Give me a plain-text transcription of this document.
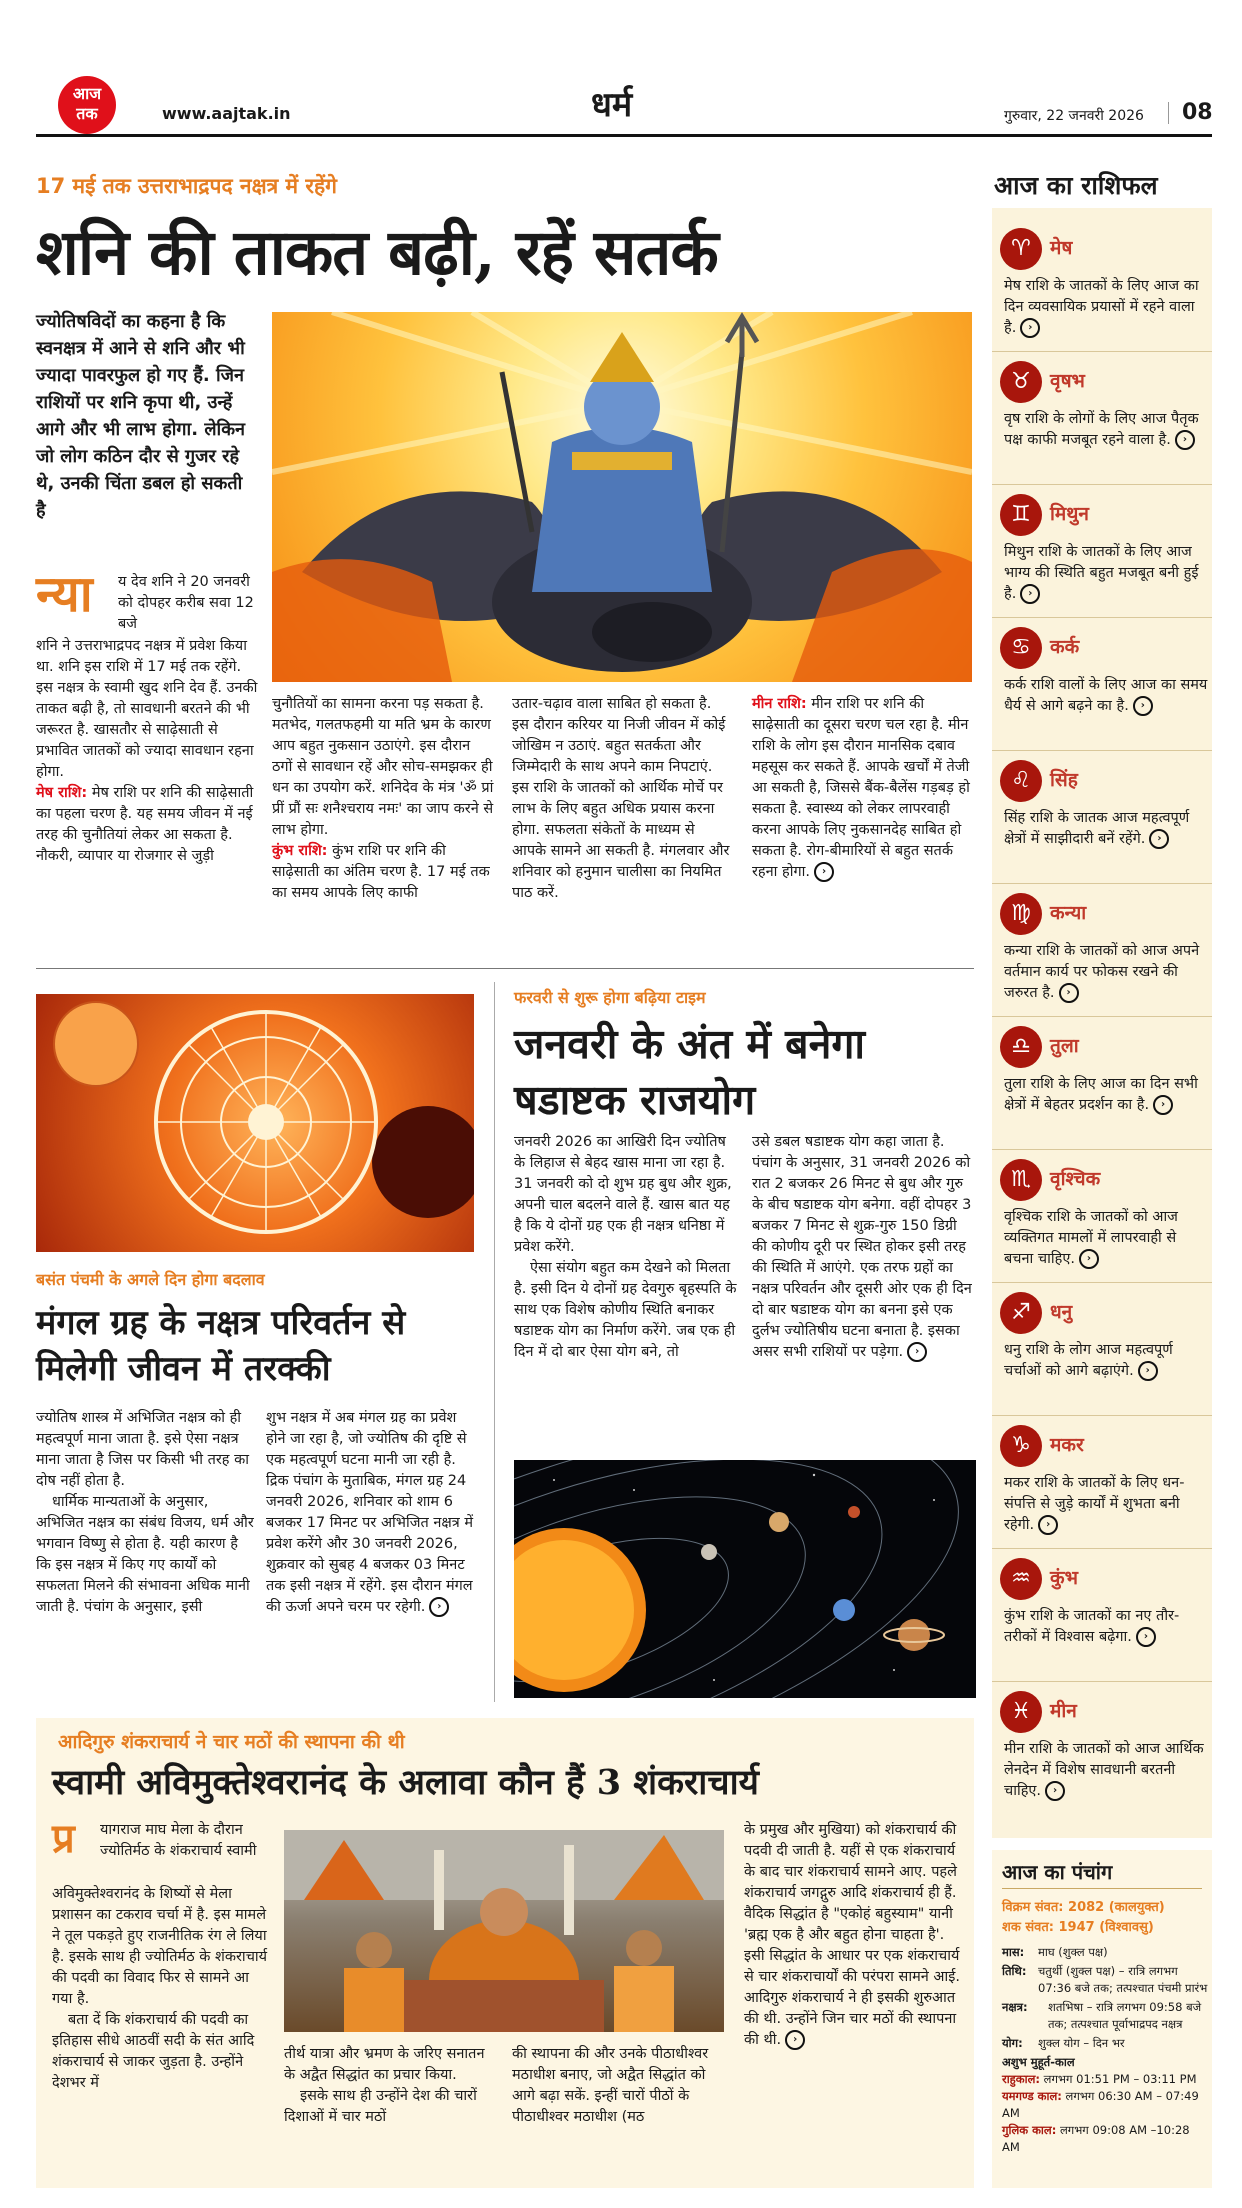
आज
तक	www.aajtak.in	धर्म	गुरुवार, 22 जनवरी 2026 08
17 मई तक उत्तराभाद्रपद नक्षत्र में रहेंगे
शनि की ताकत बढ़ी, रहें सतर्क
ज्योतिषविदों का कहना है कि स्वनक्षत्र में आने से शनि और भी ज्यादा पावरफुल हो गए हैं. जिन राशियों पर शनि कृपा थी, उन्हें आगे और भी लाभ होगा. लेकिन जो लोग कठिन दौर से गुजर रहे थे, उनकी चिंता डबल हो सकती है
न्या य देव शनि ने 20 जनवरी को दोपहर करीब सवा 12 बजे

शनि ने उत्तराभाद्रपद नक्षत्र में प्रवेश किया था. शनि इस राशि में 17 मई तक रहेंगे. इस नक्षत्र के स्वामी खुद शनि देव हैं. उनकी ताकत बढ़ी है, तो सावधानी बरतने की भी जरूरत है. खासतौर से साढ़ेसाती से प्रभावित जातकों को ज्यादा सावधान रहना होगा.

मेष राशि: मेष राशि पर शनि की साढ़ेसाती का पहला चरण है. यह समय जीवन में नई तरह की चुनौतियां लेकर आ सकता है. नौकरी, व्यापार या रोजगार से जुड़ी

चुनौतियों का सामना करना पड़ सकता है. मतभेद, गलतफहमी या मति भ्रम के कारण आप बहुत नुकसान उठाएंगे. इस दौरान ठगों से सावधान रहें और सोच-समझकर ही धन का उपयोग करें. शनिदेव के मंत्र 'ॐ प्रां प्रीं प्रौं सः शनैश्चराय नमः' का जाप करने से लाभ होगा.

कुंभ राशि: कुंभ राशि पर शनि की साढ़ेसाती का अंतिम चरण है. 17 मई तक का समय आपके लिए काफी

उतार-चढ़ाव वाला साबित हो सकता है. इस दौरान करियर या निजी जीवन में कोई जोखिम न उठाएं. बहुत सतर्कता और जिम्मेदारी के साथ अपने काम निपटाएं. इस राशि के जातकों को आर्थिक मोर्चे पर लाभ के लिए बहुत अधिक प्रयास करना होगा. सफलता संकेतों के माध्यम से आपके सामने आ सकती है. मंगलवार और शनिवार को हनुमान चालीसा का नियमित पाठ करें.
मीन राशि: मीन राशि पर शनि की साढ़ेसाती का दूसरा चरण चल रहा है. मीन राशि के लोग इस दौरान मानसिक दबाव महसूस कर सकते हैं. आपके खर्चों में तेजी आ सकती है, जिससे बैंक-बैलेंस गड़बड़ हो सकता है. स्वास्थ्य को लेकर लापरवाही करना आपके लिए नुकसानदेह साबित हो सकता है. रोग-बीमारियों से बहुत सतर्क रहना होगा. ›
बसंत पंचमी के अगले दिन होगा बदलाव
मंगल ग्रह के नक्षत्र परिवर्तन से मिलेगी जीवन में तरक्की

ज्योतिष शास्त्र में अभिजित नक्षत्र को ही महत्वपूर्ण माना जाता है. इसे ऐसा नक्षत्र माना जाता है जिस पर किसी भी तरह का दोष नहीं होता है.

धार्मिक मान्यताओं के अनुसार, अभिजित नक्षत्र का संबंध विजय, धर्म और भगवान विष्णु से होता है. यही कारण है कि इस नक्षत्र में किए गए कार्यों को सफलता मिलने की संभावना अधिक मानी जाती है. पंचांग के अनुसार, इसी

शुभ नक्षत्र में अब मंगल ग्रह का प्रवेश होने जा रहा है, जो ज्योतिष की दृष्टि से एक महत्वपूर्ण घटना मानी जा रही है. द्रिक पंचांग के मुताबिक, मंगल ग्रह 24 जनवरी 2026, शनिवार को शाम 6 बजकर 17 मिनट पर अभिजित नक्षत्र में प्रवेश करेंगे और 30 जनवरी 2026, शुक्रवार को सुबह 4 बजकर 03 मिनट तक इसी नक्षत्र में रहेंगे. इस दौरान मंगल की ऊर्जा अपने चरम पर रहेगी. ›
फरवरी से शुरू होगा बढ़िया टाइम
जनवरी के अंत में बनेगा षडाष्टक राजयोग

जनवरी 2026 का आखिरी दिन ज्योतिष के लिहाज से बेहद खास माना जा रहा है. 31 जनवरी को दो शुभ ग्रह बुध और शुक्र, अपनी चाल बदलने वाले हैं. खास बात यह है कि ये दोनों ग्रह एक ही नक्षत्र धनिष्ठा में प्रवेश करेंगे.

ऐसा संयोग बहुत कम देखने को मिलता है. इसी दिन ये दोनों ग्रह देवगुरु बृहस्पति के साथ एक विशेष कोणीय स्थिति बनाकर षडाष्टक योग का निर्माण करेंगे. जब एक ही दिन में दो बार ऐसा योग बने, तो

उसे डबल षडाष्टक योग कहा जाता है. पंचांग के अनुसार, 31 जनवरी 2026 को रात 2 बजकर 26 मिनट से बुध और गुरु के बीच षडाष्टक योग बनेगा. वहीं दोपहर 3 बजकर 7 मिनट से शुक्र-गुरु 150 डिग्री की कोणीय दूरी पर स्थित होकर इसी तरह की स्थिति में आएंगे. एक तरफ ग्रहों का नक्षत्र परिवर्तन और दूसरी ओर एक ही दिन दो बार षडाष्टक योग का बनना इसे एक दुर्लभ ज्योतिषीय घटना बनाता है. इसका असर सभी राशियों पर पड़ेगा. ›
आदिगुरु शंकराचार्य ने चार मठों की स्थापना की थी
स्वामी अविमुक्तेश्वरानंद के अलावा कौन हैं 3 शंकराचार्य
प्र यागराज माघ मेला के दौरान ज्योतिर्मठ के शंकराचार्य स्वामी

अविमुक्तेश्वरानंद के शिष्यों से मेला प्रशासन का टकराव चर्चा में है. इस मामले ने तूल पकड़ते हुए राजनीतिक रंग ले लिया है. इसके साथ ही ज्योतिर्मठ के शंकराचार्य की पदवी का विवाद फिर से सामने आ गया है.

बता दें कि शंकराचार्य की पदवी का इतिहास सीधे आठवीं सदी के संत आदि शंकराचार्य से जाकर जुड़ता है. उन्होंने देशभर में

तीर्थ यात्रा और भ्रमण के जरिए सनातन के अद्वैत सिद्धांत का प्रचार किया.

इसके साथ ही उन्होंने देश की चारों दिशाओं में चार मठों

की स्थापना की और उनके पीठाधीश्वर मठाधीश बनाए, जो अद्वैत सिद्धांत को आगे बढ़ा सकें. इन्हीं चारों पीठों के पीठाधीश्वर मठाधीश (मठ
के प्रमुख और मुखिया) को शंकराचार्य की पदवी दी जाती है. यहीं से एक शंकराचार्य के बाद चार शंकराचार्य सामने आए. पहले शंकराचार्य जगद्गुरु आदि शंकराचार्य ही हैं. वैदिक सिद्धांत है "एकोहं बहुस्याम" यानी 'ब्रह्म एक है और बहुत होना चाहता है'. इसी सिद्धांत के आधार पर एक शंकराचार्य से चार शंकराचार्यों की परंपरा सामने आई. आदिगुरु शंकराचार्य ने ही इसकी शुरुआत की थी. उन्होंने जिन चार मठों की स्थापना की थी. ›
आज का राशिफल
♈	मेष
मेष राशि के जातकों के लिए आज का दिन व्यवसायिक प्रयासों में रहने वाला है. ›
♉	वृषभ
वृष राशि के लोगों के लिए आज पैतृक पक्ष काफी मजबूत रहने वाला है. ›
♊	मिथुन
मिथुन राशि के जातकों के लिए आज भाग्य की स्थिति बहुत मजबूत बनी हुई है. ›
♋	कर्क
कर्क राशि वालों के लिए आज का समय धैर्य से आगे बढ़ने का है. ›
♌	सिंह
सिंह राशि के जातक आज महत्वपूर्ण क्षेत्रों में साझीदारी बनें रहेंगे. ›
♍	कन्या
कन्या राशि के जातकों को आज अपने वर्तमान कार्य पर फोकस रखने की जरुरत है. ›
♎	तुला
तुला राशि के लिए आज का दिन सभी क्षेत्रों में बेहतर प्रदर्शन का है. ›
♏	वृश्चिक
वृश्चिक राशि के जातकों को आज व्यक्तिगत मामलों में लापरवाही से बचना चाहिए. ›
♐	धनु
धनु राशि के लोग आज महत्वपूर्ण चर्चाओं को आगे बढ़ाएंगे. ›
♑	मकर
मकर राशि के जातकों के लिए धन-संपत्ति से जुड़े कार्यों में शुभता बनी रहेगी. ›
♒	कुंभ
कुंभ राशि के जातकों का नए तौर-तरीकों में विश्वास बढ़ेगा. ›
♓	मीन
मीन राशि के जातकों को आज आर्थिक लेनदेन में विशेष सावधानी बरतनी चाहिए. ›
आज का पंचांग
विक्रम संवत: 2082 (कालयुक्त)
शक संवत: 1947 (विश्वावसु)
मास:	माघ (शुक्ल पक्ष)
तिथि:	चतुर्थी (शुक्ल पक्ष) – रात्रि लगभग 07:36 बजे तक; तत्पश्चात पंचमी प्रारंभ
नक्षत्र:	शतभिषा – रात्रि लगभग 09:58 बजे तक; तत्पश्चात पूर्वाभाद्रपद नक्षत्र
योग:	शुक्ल योग – दिन भर
अशुभ मुहूर्त-काल
राहुकाल: लगभग 01:51 PM – 03:11 PM
यमगण्ड काल: लगभग 06:30 AM – 07:49 AM
गुलिक काल: लगभग 09:08 AM –10:28 AM
